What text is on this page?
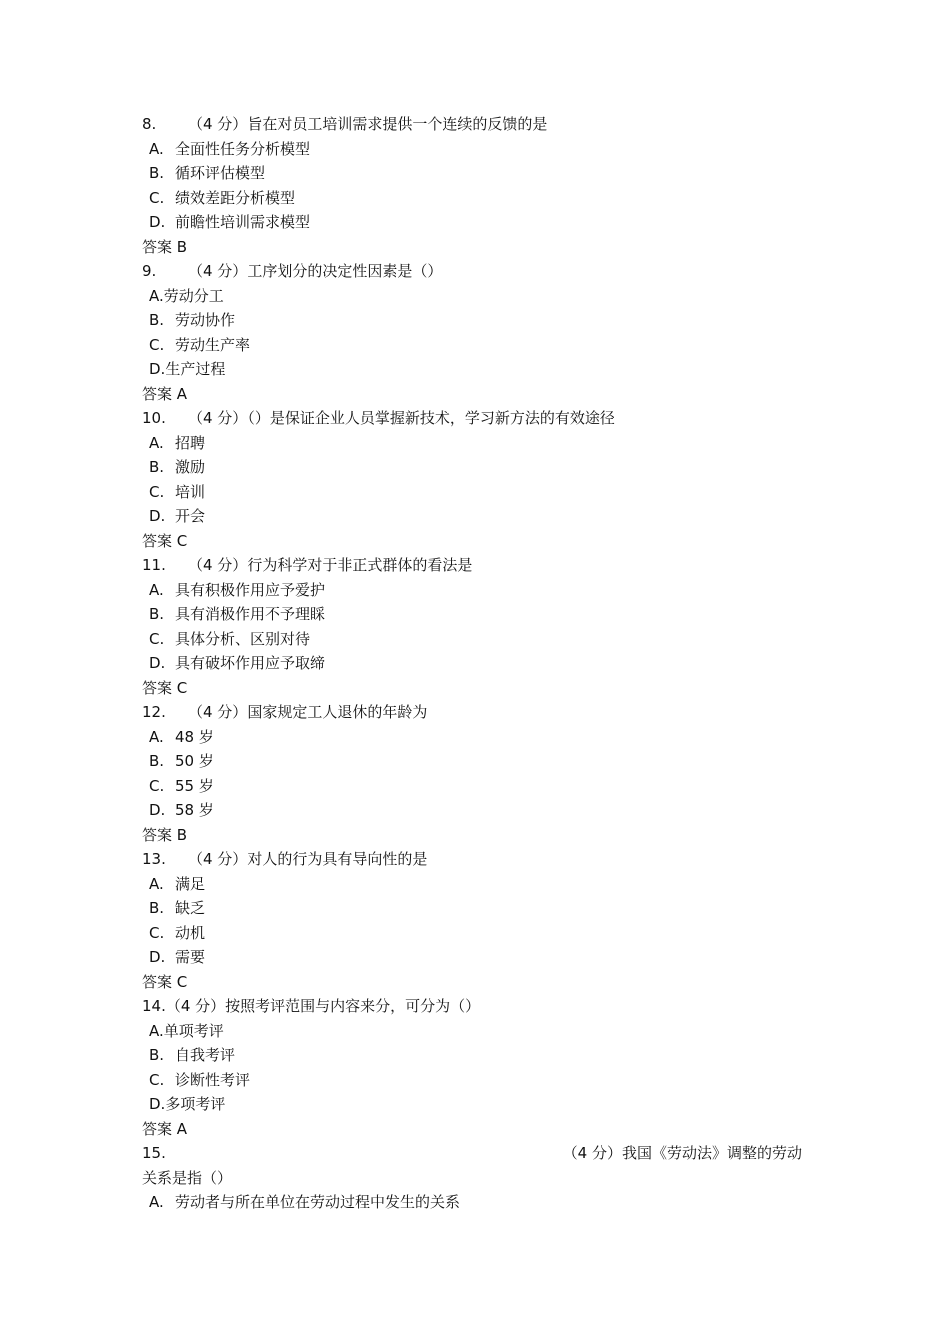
8. （4 分）旨在对员工培训需求提供一个连续的反馈的是
A. 全面性任务分析模型
B. 循环评估模型
C. 绩效差距分析模型
D. 前瞻性培训需求模型
答案 B
9. （4 分）工序划分的决定性因素是（）
A.劳动分工
B. 劳动协作
C. 劳动生产率
D.生产过程
答案 A
10. （4 分）（）是保证企业人员掌握新技术，学习新方法的有效途径
A. 招聘
B. 激励
C. 培训
D. 开会
答案 C
11. （4 分）行为科学对于非正式群体的看法是
A. 具有积极作用应予爱护
B. 具有消极作用不予理睬
C. 具体分析、区别对待
D. 具有破坏作用应予取缔
答案 C
12. （4 分）国家规定工人退休的年龄为
A. 48 岁
B. 50 岁
C. 55 岁
D. 58 岁
答案 B
13. （4 分）对人的行为具有导向性的是
A. 满足
B. 缺乏
C. 动机
D. 需要
答案 C
14.（4 分）按照考评范围与内容来分，可分为（）
A.单项考评
B. 自我考评
C. 诊断性考评
D.多项考评
答案 A
15.	（4 分）我国《劳动法》调整的劳动
关系是指（）
A. 劳动者与所在单位在劳动过程中发生的关系
